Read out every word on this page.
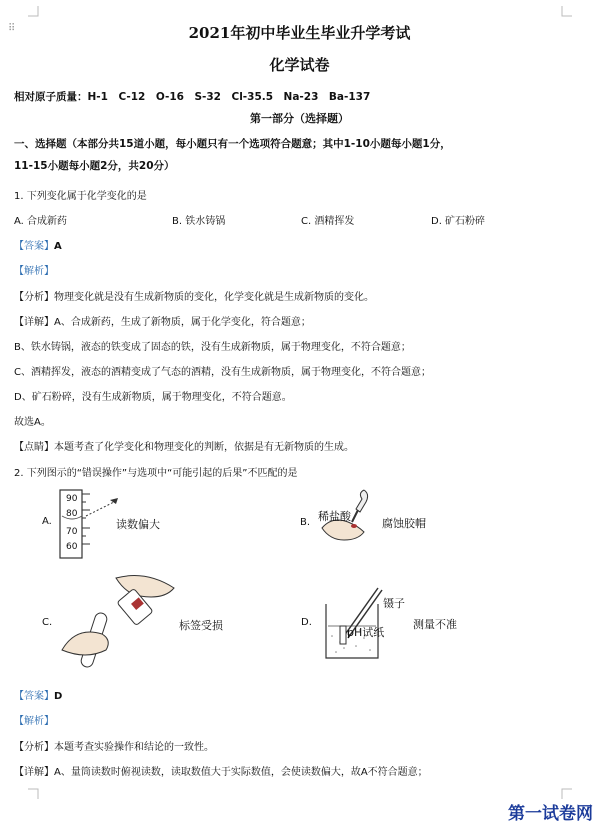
⠿	2021年初中毕业生毕业升学考试
化学试卷
相对原子质量：H-1　C-12　O-16　S-32　Cl-35.5　Na-23　Ba-137
第一部分（选择题）
一、选择题（本部分共15道小题，每小题只有一个选项符合题意；其中1-10小题每小题1分，
11-15小题每小题2分，共20分）
1. 下列变化属于化学变化的是
A. 合成新药	B. 铁水铸锅	C. 酒精挥发	D. 矿石粉碎
【答案】A
【解析】
【分析】物理变化就是没有生成新物质的变化，化学变化就是生成新物质的变化。
【详解】A、合成新药，生成了新物质，属于化学变化，符合题意；
B、铁水铸锅，液态的铁变成了固态的铁，没有生成新物质，属于物理变化，不符合题意；
C、酒精挥发，液态的酒精变成了气态的酒精，没有生成新物质，属于物理变化，不符合题意；
D、矿石粉碎，没有生成新物质，属于物理变化，不符合题意。
故选A。
【点睛】本题考查了化学变化和物理变化的判断，依据是有无新物质的生成。
2. 下列图示的“错误操作”与选项中“可能引起的后果”不匹配的是
A.
90
80
70
60
读数偏大	B. 稀盐酸
腐蚀胶帽
C.	标签受损	D.
镊子
pH试纸
测量不准
【答案】D
【解析】
【分析】本题考查实验操作和结论的一致性。
【详解】A、量筒读数时俯视读数，读取数值大于实际数值，会使读数偏大，故A不符合题意；
第一试卷网
